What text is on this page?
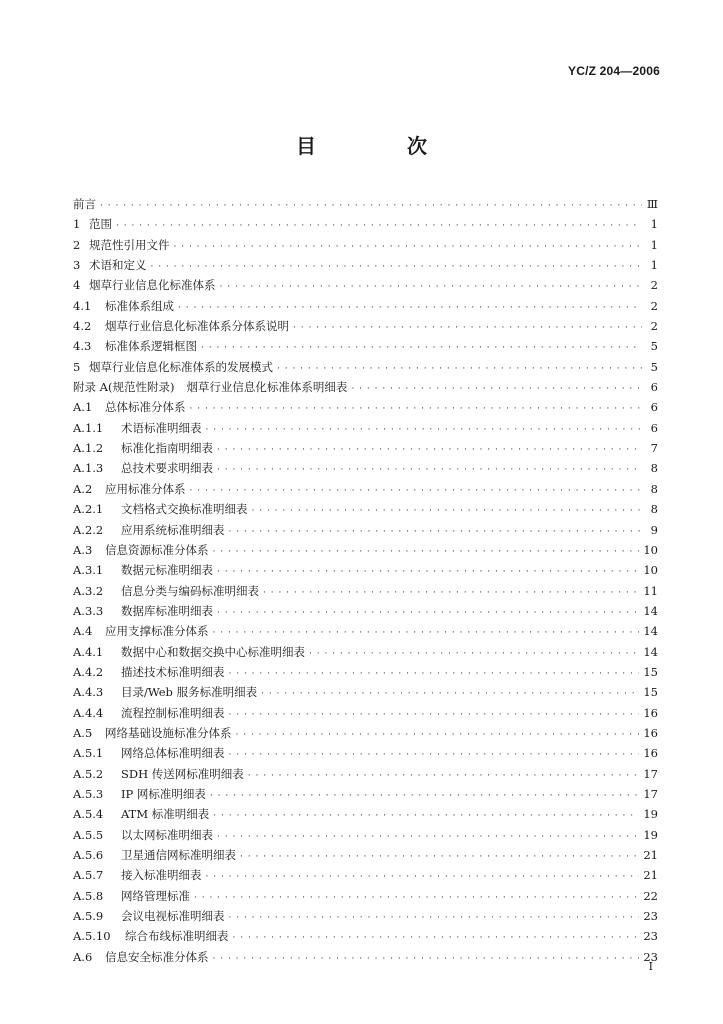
YC/Z 204—2006
目 次
前言 · · ·	Ⅲ
1 范围 · · ·	1
2 规范性引用文件 · · ·	1
3 术语和定义 · · ·	1
4 烟草行业信息化标准体系 · · ·	2
4.1	标准体系组成 · · ·	2
4.2	烟草行业信息化标准体系分体系说明 · · ·	2
4.3	标准体系逻辑框图 · · ·	5
5 烟草行业信息化标准体系的发展模式 · · ·	5
附录 A(规范性附录) 烟草行业信息化标准体系明细表 · · ·	6
A.1	总体标准分体系 · · ·	6
A.1.1	术语标准明细表 · · ·	6
A.1.2	标准化指南明细表 · · ·	7
A.1.3	总技术要求明细表 · · ·	8
A.2	应用标准分体系 · · ·	8
A.2.1	文档格式交换标准明细表 · · ·	8
A.2.2	应用系统标准明细表 · · ·	9
A.3	信息资源标准分体系 · · ·	10
A.3.1	数据元标准明细表 · · ·	10
A.3.2	信息分类与编码标准明细表 · · ·	11
A.3.3	数据库标准明细表 · · ·	14
A.4	应用支撑标准分体系 · · ·	14
A.4.1	数据中心和数据交换中心标准明细表 · · ·	14
A.4.2	描述技术标准明细表 · · ·	15
A.4.3	目录/Web 服务标准明细表 · · ·	15
A.4.4	流程控制标准明细表 · · ·	16
A.5	网络基础设施标准分体系 · · ·	16
A.5.1	网络总体标准明细表 · · ·	16
A.5.2	SDH 传送网标准明细表 · · ·	17
A.5.3	IP 网标准明细表 · · ·	17
A.5.4	ATM 标准明细表 · · ·	19
A.5.5	以太网标准明细表 · · ·	19
A.5.6	卫星通信网标准明细表 · · ·	21
A.5.7	接入标准明细表 · · ·	21
A.5.8	网络管理标准 · · ·	22
A.5.9	会议电视标准明细表 · · ·	23
A.5.10	综合布线标准明细表 · · ·	23
A.6	信息安全标准分体系 · · ·	23
Ⅰ
